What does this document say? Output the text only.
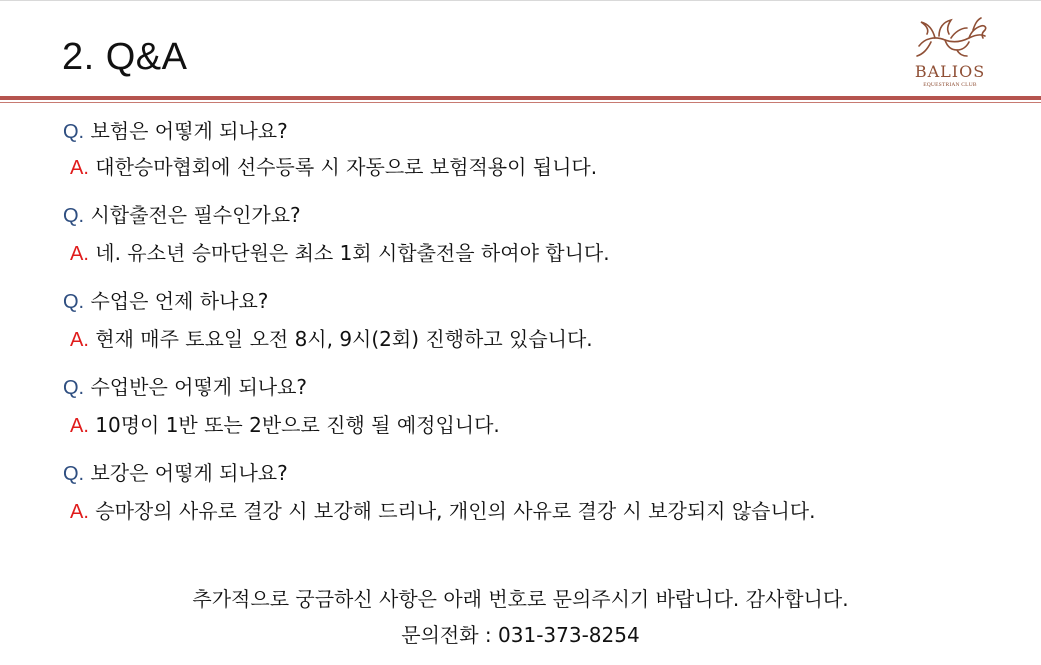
2. Q&A	BALIOS
EQUESTRIAN CLUB
Q. 보험은 어떻게 되나요?
A. 대한승마협회에 선수등록 시 자동으로 보험적용이 됩니다.
Q. 시합출전은 필수인가요?
A. 네. 유소년 승마단원은 최소 1회 시합출전을 하여야 합니다.
Q. 수업은 언제 하나요?
A. 현재 매주 토요일 오전 8시, 9시(2회) 진행하고 있습니다.
Q. 수업반은 어떻게 되나요?
A. 10명이 1반 또는 2반으로 진행 될 예정입니다.
Q. 보강은 어떻게 되나요?
A. 승마장의 사유로 결강 시 보강해 드리나, 개인의 사유로 결강 시 보강되지 않습니다.
추가적으로 궁금하신 사항은 아래 번호로 문의주시기 바랍니다. 감사합니다.
문의전화 : 031-373-8254
